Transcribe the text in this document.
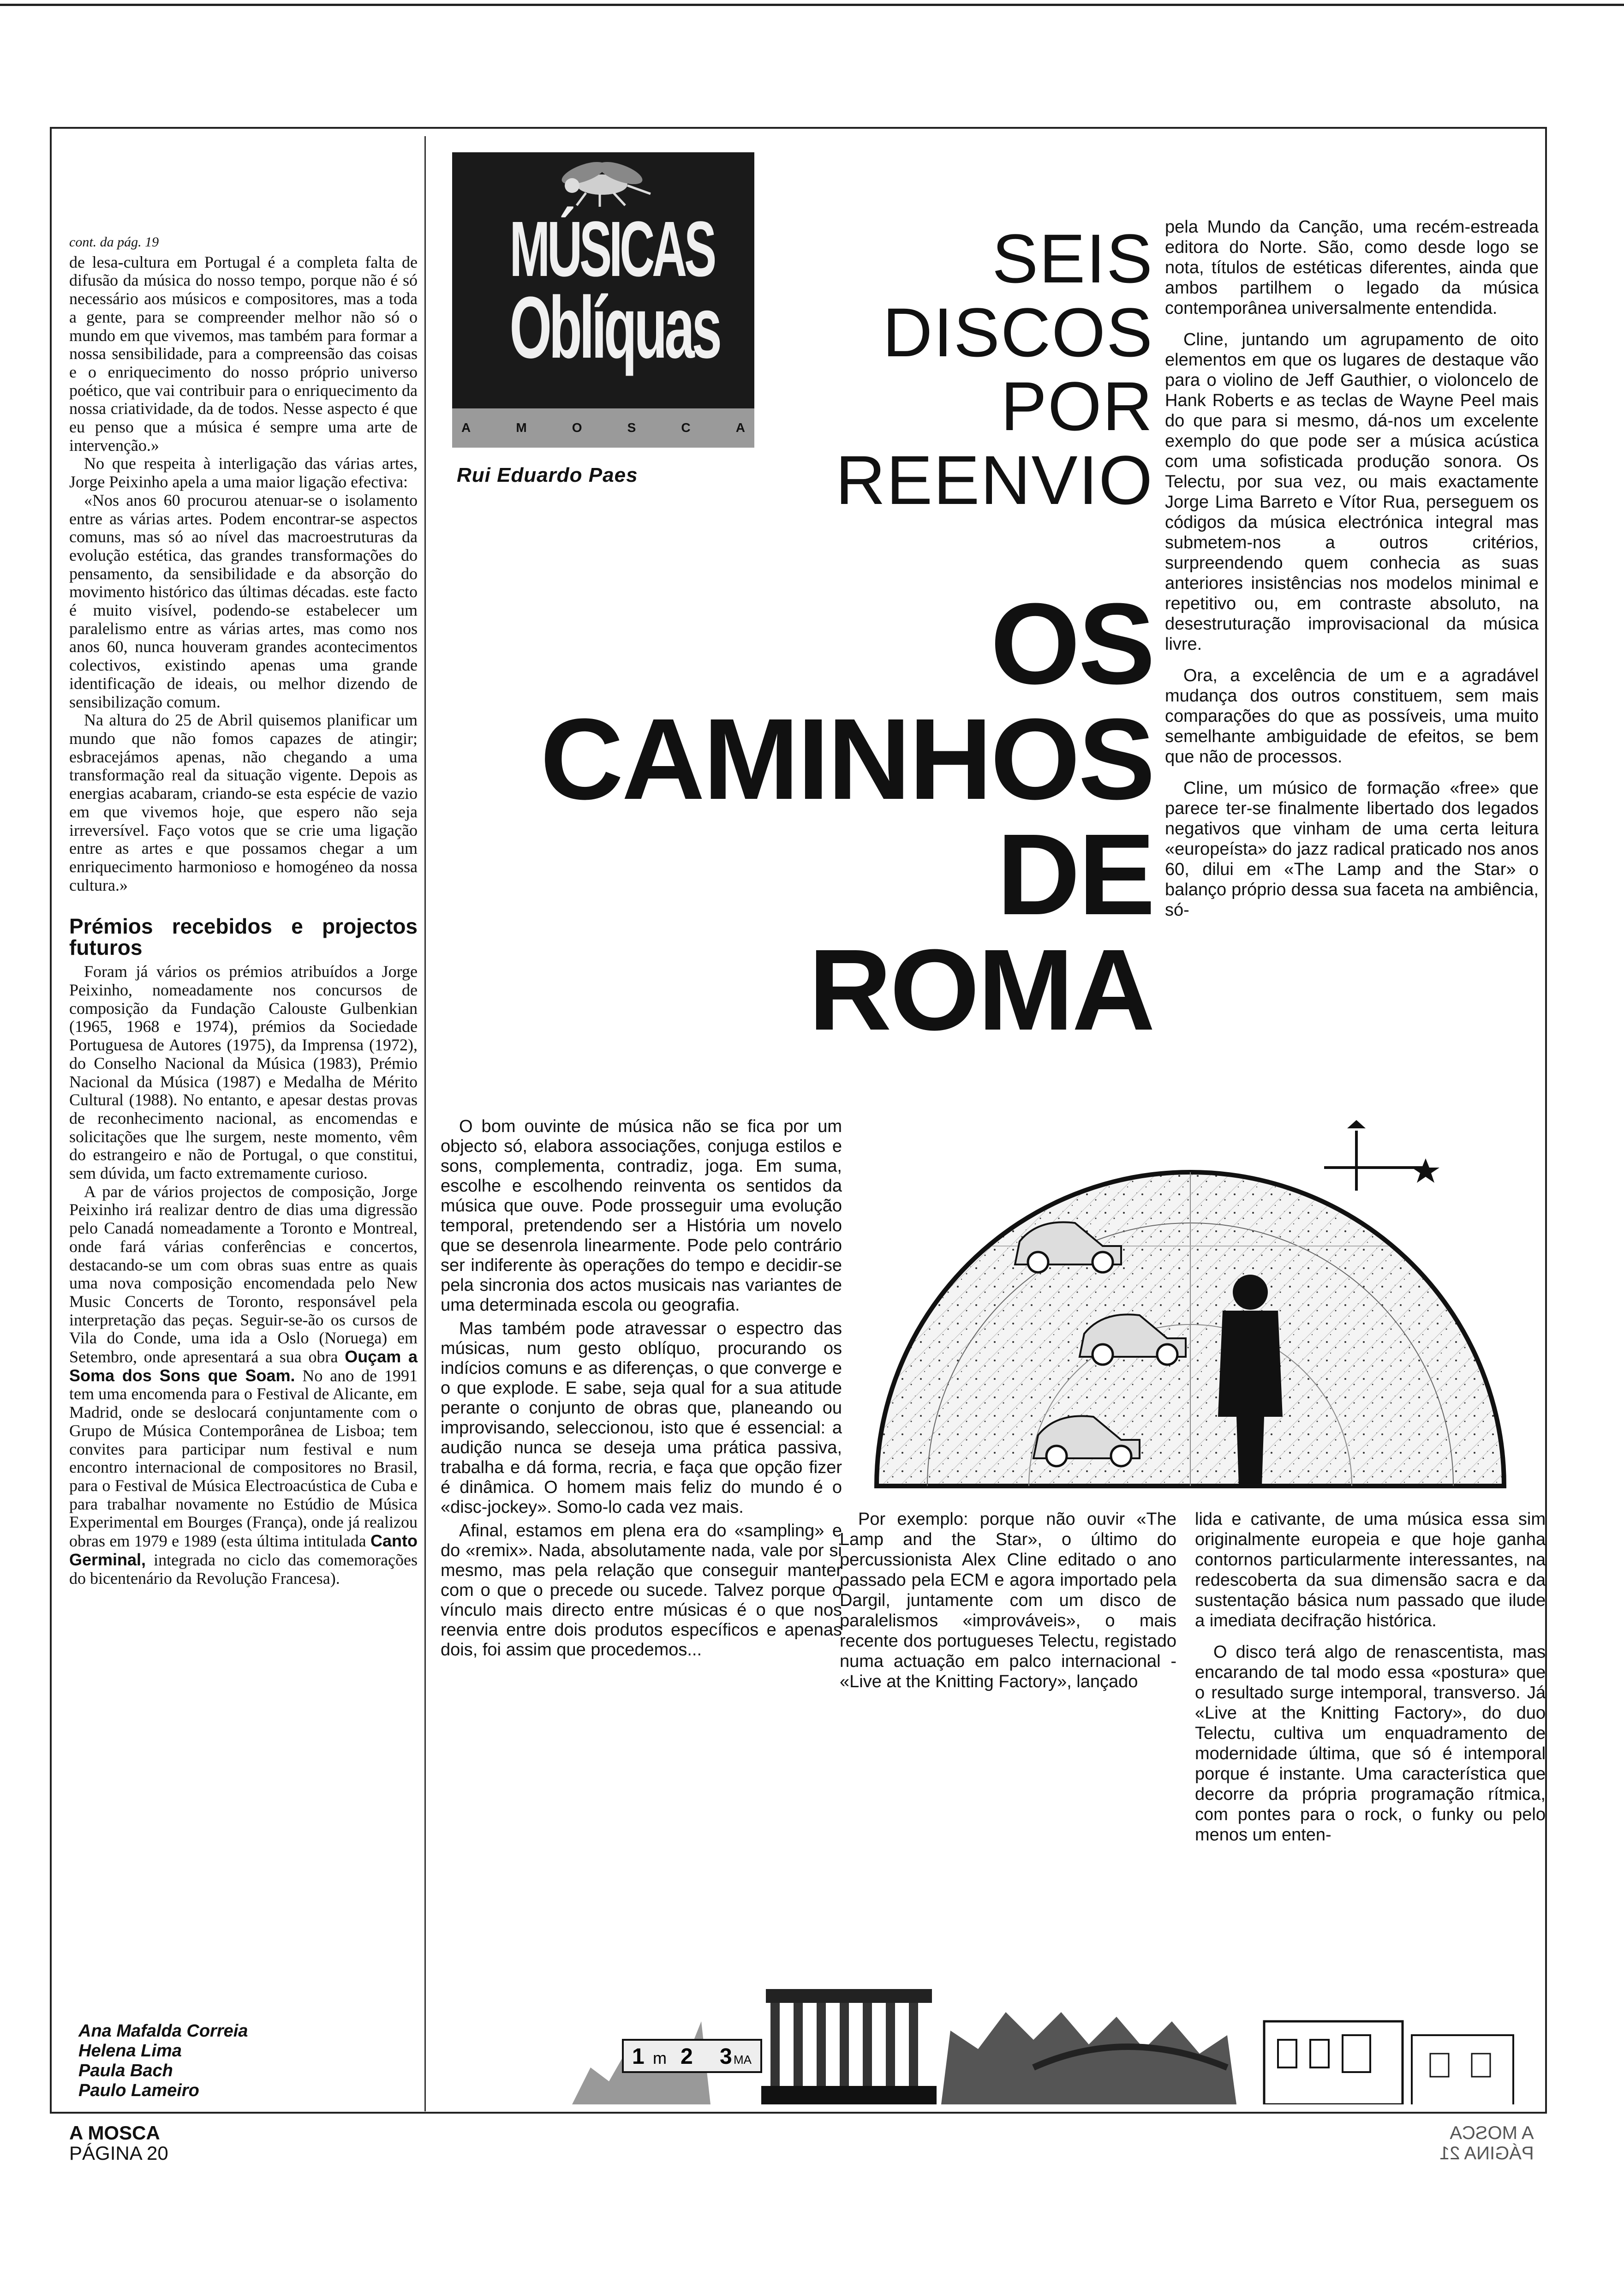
cont. da pág. 19

de lesa-cultura em Portugal é a completa falta de difusão da música do nosso tempo, porque não é só necessário aos músicos e compositores, mas a toda a gente, para se compreender melhor não só o mundo em que vivemos, mas também para formar a nossa sensibilidade, para a compreensão das coisas e o enriquecimento do nosso próprio universo poético, que vai contribuir para o enriquecimento da nossa criatividade, da de todos. Nesse aspecto é que eu penso que a música é sempre uma arte de intervenção.»

No que respeita à interligação das várias artes, Jorge Peixinho apela a uma maior ligação efectiva:

«Nos anos 60 procurou atenuar-se o isolamento entre as várias artes. Podem encontrar-se aspectos comuns, mas só ao nível das macroestruturas da evolução estética, das grandes transformações do pensamento, da sensibilidade e da absorção do movimento histórico das últimas décadas. este facto é muito visível, podendo-se estabelecer um paralelismo entre as várias artes, mas como nos anos 60, nunca houveram grandes acontecimentos colectivos, existindo apenas uma grande identificação de ideais, ou melhor dizendo de sensibilização comum.

Na altura do 25 de Abril quisemos planificar um mundo que não fomos capazes de atingir; esbracejámos apenas, não chegando a uma transformação real da situação vigente. Depois as energias acabaram, criando-se esta espécie de vazio em que vivemos hoje, que espero não seja irreversível. Faço votos que se crie uma ligação entre as artes e que possamos chegar a um enriquecimento harmonioso e homogéneo da nossa cultura.»

Prémios recebidos e projectos futuros

Foram já vários os prémios atribuídos a Jorge Peixinho, nomeadamente nos concursos de composição da Fundação Calouste Gulbenkian (1965, 1968 e 1974), prémios da Sociedade Portuguesa de Autores (1975), da Imprensa (1972), do Conselho Nacional da Música (1983), Prémio Nacional da Música (1987) e Medalha de Mérito Cultural (1988). No entanto, e apesar destas provas de reconhecimento nacional, as encomendas e solicitações que lhe surgem, neste momento, vêm do estrangeiro e não de Portugal, o que constitui, sem dúvida, um facto extremamente curioso.

A par de vários projectos de composição, Jorge Peixinho irá realizar dentro de dias uma digressão pelo Canadá nomeadamente a Toronto e Montreal, onde fará várias conferências e concertos, destacando-se um com obras suas entre as quais uma nova composição encomendada pelo New Music Concerts de Toronto, responsável pela interpretação das peças. Seguir-se-ão os cursos de Vila do Conde, uma ida a Oslo (Noruega) em Setembro, onde apresentará a sua obra Ouçam a Soma dos Sons que Soam. No ano de 1991 tem uma encomenda para o Festival de Alicante, em Madrid, onde se deslocará conjuntamente com o Grupo de Música Contemporânea de Lisboa; tem convites para participar num festival e num encontro internacional de compositores no Brasil, para o Festival de Música Electroacústica de Cuba e para trabalhar novamente no Estúdio de Música Experimental em Bourges (França), onde já realizou obras em 1979 e 1989 (esta última intitulada Canto Germinal, integrada no ciclo das comemorações do bicentenário da Revolução Francesa).

Ana Mafalda Correia
Helena Lima
Paula Bach
Paulo Lameiro
MÚSICAS
Oblíquas
A	M	O	S	C	A
Rui Eduardo Paes
SEIS
DISCOS
POR
REENVIO
OS
CAMINHOS
DE
ROMA

pela Mundo da Canção, uma recém-estreada editora do Norte. São, como desde logo se nota, títulos de estéticas diferentes, ainda que ambos partilhem o legado da música contemporânea universalmente entendida.

Cline, juntando um agrupamento de oito elementos em que os lugares de destaque vão para o violino de Jeff Gauthier, o violoncelo de Hank Roberts e as teclas de Wayne Peel mais do que para si mesmo, dá-nos um excelente exemplo do que pode ser a música acústica com uma sofisticada produção sonora. Os Telectu, por sua vez, ou mais exactamente Jorge Lima Barreto e Vítor Rua, perseguem os códigos da música electrónica integral mas submetem-nos a outros critérios, surpreendendo quem conhecia as suas anteriores insistências nos modelos minimal e repetitivo ou, em contraste absoluto, na desestruturação improvisacional da música livre.

Ora, a excelência de um e a agradável mudança dos outros constituem, sem mais comparações do que as possíveis, uma muito semelhante ambiguidade de efeitos, se bem que não de processos.

Cline, um músico de formação «free» que parece ter-se finalmente libertado dos legados negativos que vinham de uma certa leitura «europeísta» do jazz radical praticado nos anos 60, dilui em «The Lamp and the Star» o balanço próprio dessa sua faceta na ambiência, só-

O bom ouvinte de música não se fica por um objecto só, elabora associações, conjuga estilos e sons, complementa, contradiz, joga. Em suma, escolhe e escolhendo reinventa os sentidos da música que ouve. Pode prosseguir uma evolução temporal, pretendendo ser a História um novelo que se desenrola linearmente. Pode pelo contrário ser indiferente às operações do tempo e decidir-se pela sincronia dos actos musicais nas variantes de uma determinada escola ou geografia.

Mas também pode atravessar o espectro das músicas, num gesto oblíquo, procurando os indícios comuns e as diferenças, o que converge e o que explode. E sabe, seja qual for a sua atitude perante o conjunto de obras que, planeando ou improvisando, seleccionou, isto que é essencial: a audição nunca se deseja uma prática passiva, trabalha e dá forma, recria, e faça que opção fizer é dinâmica. O homem mais feliz do mundo é o «disc-jockey». Somo-lo cada vez mais.

Afinal, estamos em plena era do «sampling» e do «remix». Nada, absolutamente nada, vale por si mesmo, mas pela relação que conseguir manter com o que o precede ou sucede. Talvez porque o vínculo mais directo entre músicas é o que nos reenvia entre dois produtos específicos e apenas dois, foi assim que procedemos...

Por exemplo: porque não ouvir «The Lamp and the Star», o último do percussionista Alex Cline editado o ano passado pela ECM e agora importado pela Dargil, juntamente com um disco de paralelismos «improváveis», o mais recente dos portugueses Telectu, registado numa actuação em palco internacional - «Live at the Knitting Factory», lançado

lida e cativante, de uma música essa sim originalmente europeia e que hoje ganha contornos particularmente interessantes, na redescoberta da sua dimensão sacra e da sustentação básica num passado que ilude a imediata decifração histórica.

O disco terá algo de renascentista, mas encarando de tal modo essa «postura» que o resultado surge intemporal, transverso. Já «Live at the Knitting Factory», do duo Telectu, cultiva um enquadramento de modernidade última, que só é intemporal porque é instante. Uma característica que decorre da própria programação rítmica, com pontes para o rock, o funky ou pelo menos um enten-

1 m 2 3 MA
A MOSCA
PÁGINA 20
A MOSCA
PÁGINA 21
